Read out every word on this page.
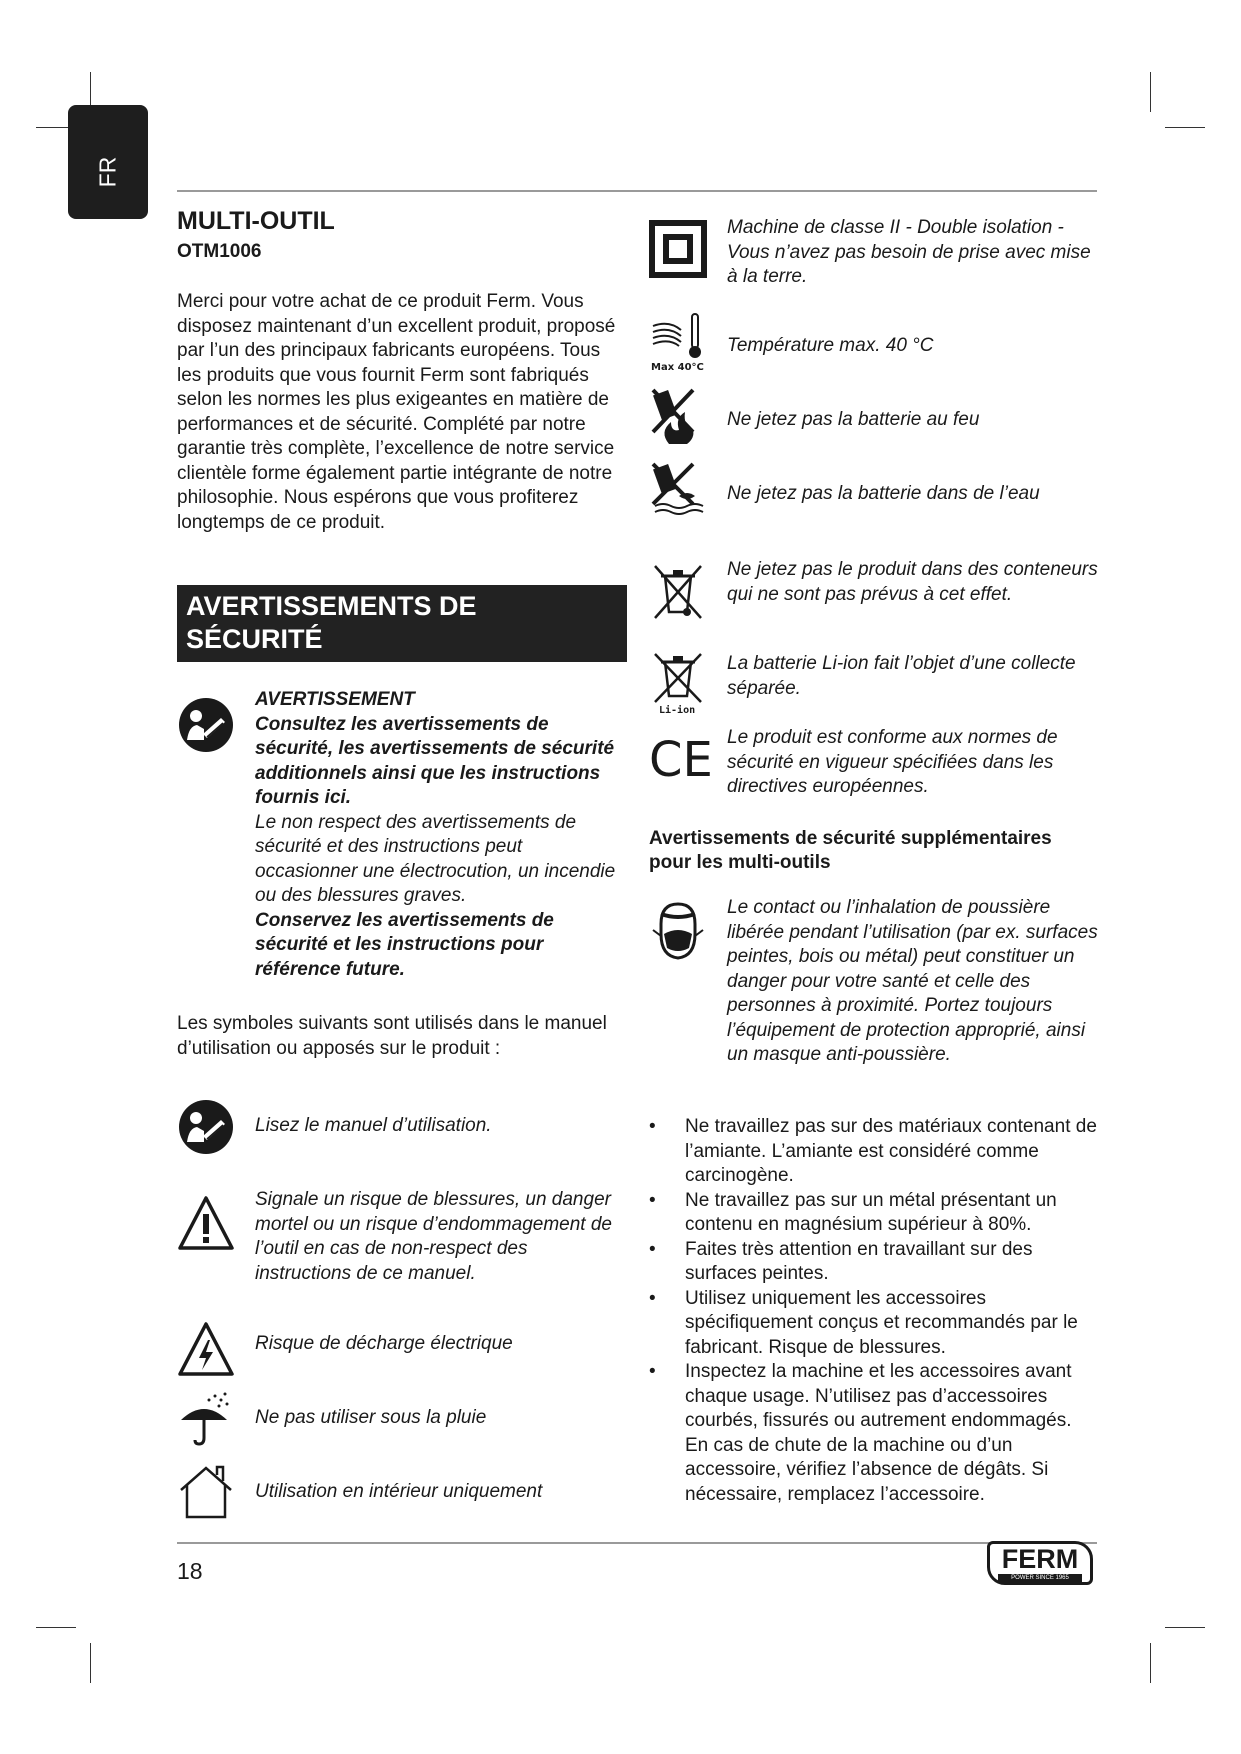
FR
MULTI-OUTIL
OTM1006

Merci pour votre achat de ce produit Ferm. Vous disposez maintenant d’un excellent produit, proposé par l’un des principaux fabricants européens. Tous les produits que vous fournit Ferm sont fabriqués selon les normes les plus exigeantes en matière de performances et de sécurité. Complété par notre garantie très complète, l’excellence de notre service clientèle forme également partie intégrante de notre philosophie. Nous espérons que vous profiterez longtemps de ce produit.

AVERTISSEMENTS DE SÉCURITÉ
AVERTISSEMENT
Consultez les avertissements de sécurité, les avertissements de sécurité additionnels ainsi que les instructions fournis ici.
Le non respect des avertissements de sécurité et des instructions peut occasionner une électrocution, un incendie ou des blessures graves.
Conservez les avertissements de sécurité et les instructions pour référence future.

Les symboles suivants sont utilisés dans le manuel d’utilisation ou apposés sur le produit :

Lisez le manuel d’utilisation.
Signale un risque de blessures, un danger mortel ou un risque d’endommagement de l’outil en cas de non-respect des instructions de ce manuel.
Risque de décharge électrique
Ne pas utiliser sous la pluie
Utilisation en intérieur uniquement
Machine de classe II - Double isolation - Vous n’avez pas besoin de prise avec mise à la terre.
Max 40°C
Température max. 40 °C
Ne jetez pas la batterie au feu
Ne jetez pas la batterie dans de l’eau
Ne jetez pas le produit dans des conteneurs qui ne sont pas prévus à cet effet.
Li-ion
La batterie Li-ion fait l’objet d’une collecte séparée.
CE Le produit est conforme aux normes de sécurité en vigueur spécifiées dans les directives européennes.
Avertissements de sécurité supplémentaires pour les multi-outils
Le contact ou l’inhalation de poussière libérée pendant l’utilisation (par ex. surfaces peintes, bois ou métal) peut constituer un danger pour votre santé et celle des personnes à proximité. Portez toujours l’équipement de protection approprié, ainsi un masque anti-poussière.
• Ne travaillez pas sur des matériaux contenant de l’amiante. L’amiante est considéré comme carcinogène.
• Ne travaillez pas sur un métal présentant un contenu en magnésium supérieur à 80%.
• Faites très attention en travaillant sur des surfaces peintes.
• Utilisez uniquement les accessoires spécifiquement conçus et recommandés par le fabricant. Risque de blessures.
• Inspectez la machine et les accessoires avant chaque usage. N’utilisez pas d’accessoires courbés, fissurés ou autrement endommagés. En cas de chute de la machine ou d’un accessoire, vérifiez l’absence de dégâts. Si nécessaire, remplacez l’accessoire.
18	FERM
POWER SINCE 1965
